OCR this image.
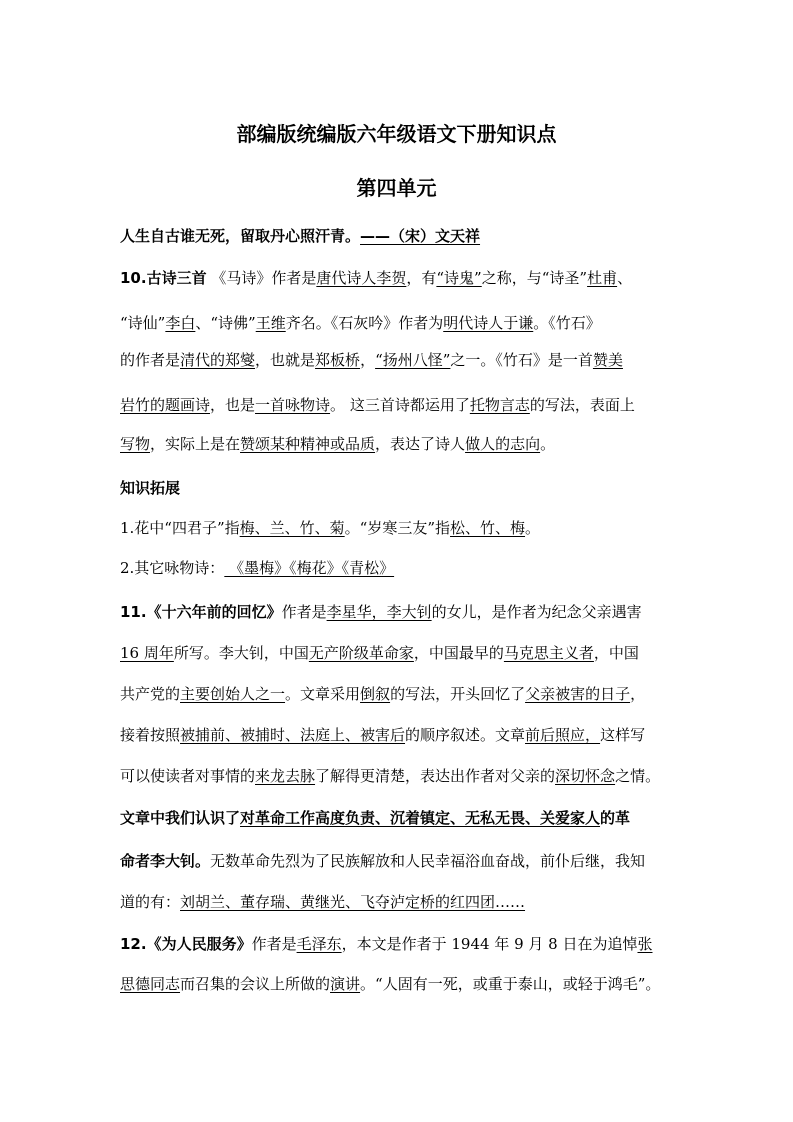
部编版统编版六年级语文下册知识点
第四单元
人生自古谁无死，留取丹心照汗青。——（宋）文天祥
10.古诗三首 《马诗》作者是唐代诗人李贺，有“诗鬼”之称，与“诗圣”杜甫、
“诗仙”李白、“诗佛”王维齐名。《石灰吟》作者为明代诗人于谦。《竹石》
的作者是清代的郑燮，也就是郑板桥，“扬州八怪”之一。《竹石》是一首赞美
岩竹的题画诗，也是一首咏物诗。 这三首诗都运用了托物言志的写法，表面上
写物，实际上是在赞颂某种精神或品质，表达了诗人做人的志向。
知识拓展
1.花中“四君子”指梅、兰、竹、菊。“岁寒三友”指松、竹、梅。
2.其它咏物诗： 《墨梅》《梅花》《青松》
11.《十六年前的回忆》作者是李星华，李大钊的女儿，是作者为纪念父亲遇害
16 周年所写。李大钊，中国无产阶级革命家，中国最早的马克思主义者，中国
共产党的主要创始人之一。文章采用倒叙的写法，开头回忆了父亲被害的日子，
接着按照被捕前、被捕时、法庭上、被害后的顺序叙述。文章前后照应，这样写
可以使读者对事情的来龙去脉了解得更清楚，表达出作者对父亲的深切怀念之情。
文章中我们认识了对革命工作高度负责、沉着镇定、无私无畏、关爱家人的革
命者李大钊。无数革命先烈为了民族解放和人民幸福浴血奋战，前仆后继，我知
道的有：刘胡兰、董存瑞、黄继光、飞夺泸定桥的红四团……
12.《为人民服务》作者是毛泽东，本文是作者于 1944 年 9 月 8 日在为追悼张
思德同志而召集的会议上所做的演讲。“人固有一死，或重于泰山，或轻于鸿毛”。
